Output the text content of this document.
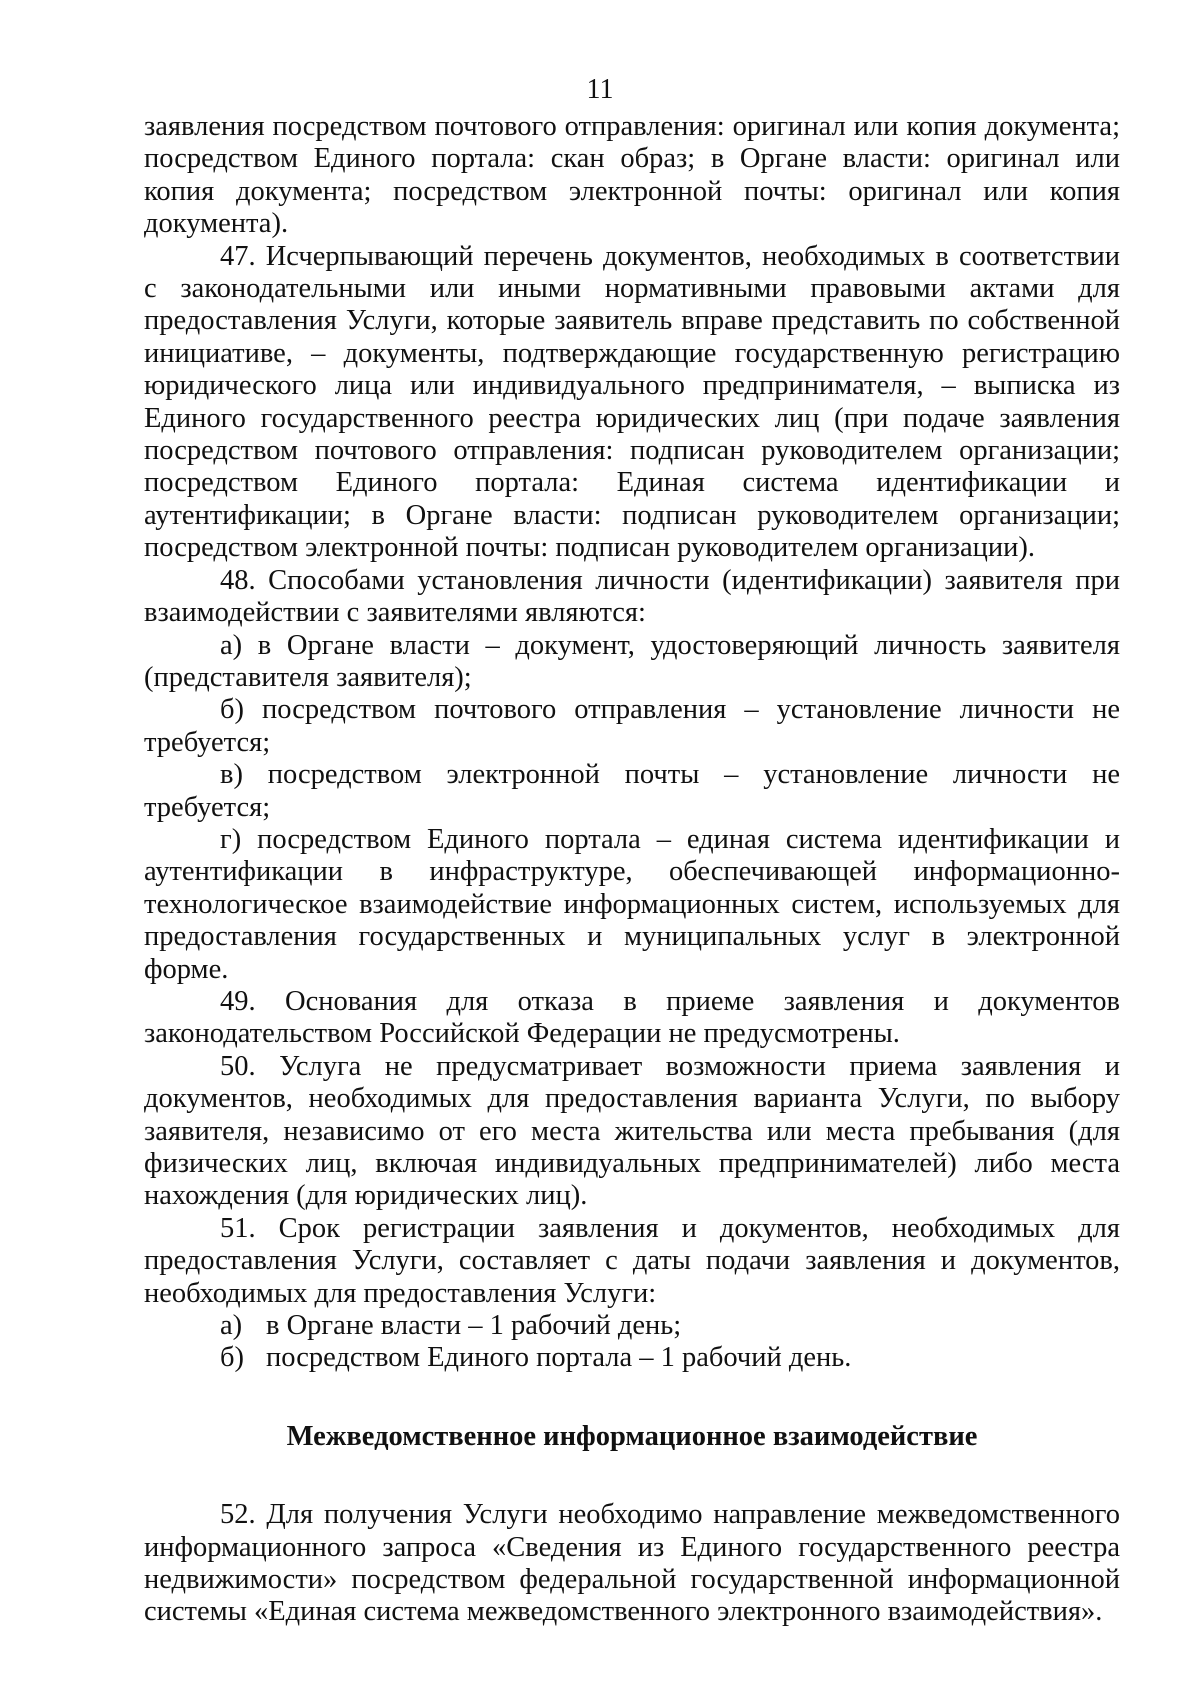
11

заявления посредством почтового отправления: оригинал или копия документа; посредством Единого портала: скан образ; в Органе власти: оригинал или копия документа; посредством электронной почты: оригинал или копия документа).

47. Исчерпывающий перечень документов, необходимых в соответствии с законодательными или иными нормативными правовыми актами для предоставления Услуги, которые заявитель вправе представить по собственной инициативе, – документы, подтверждающие государственную регистрацию юридического лица или индивидуального предпринимателя, – выписка из Единого государственного реестра юридических лиц (при подаче заявления посредством почтового отправления: подписан руководителем организации; посредством Единого портала: Единая система идентификации и аутентификации; в Органе власти: подписан руководителем организации; посредством электронной почты: подписан руководителем организации).

48. Способами установления личности (идентификации) заявителя при взаимодействии с заявителями являются:

а) в Органе власти – документ, удостоверяющий личность заявителя (представителя заявителя);

б) посредством почтового отправления – установление личности не требуется;

в) посредством электронной почты – установление личности не требуется;

г) посредством Единого портала – единая система идентификации и аутентификации в инфраструктуре, обеспечивающей информационно-технологическое взаимодействие информационных систем, используемых для предоставления государственных и муниципальных услуг в электронной форме.

49. Основания для отказа в приеме заявления и документов законодательством Российской Федерации не предусмотрены.

50. Услуга не предусматривает возможности приема заявления и документов, необходимых для предоставления варианта Услуги, по выбору заявителя, независимо от его места жительства или места пребывания (для физических лиц, включая индивидуальных предпринимателей) либо места нахождения (для юридических лиц).

51. Срок регистрации заявления и документов, необходимых для предоставления Услуги, составляет с даты подачи заявления и документов, необходимых для предоставления Услуги:

а) в Органе власти – 1 рабочий день;

б) посредством Единого портала – 1 рабочий день.

Межведомственное информационное взаимодействие

52. Для получения Услуги необходимо направление межведомственного информационного запроса «Сведения из Единого государственного реестра недвижимости» посредством федеральной государственной информационной системы «Единая система межведомственного электронного взаимодействия».
